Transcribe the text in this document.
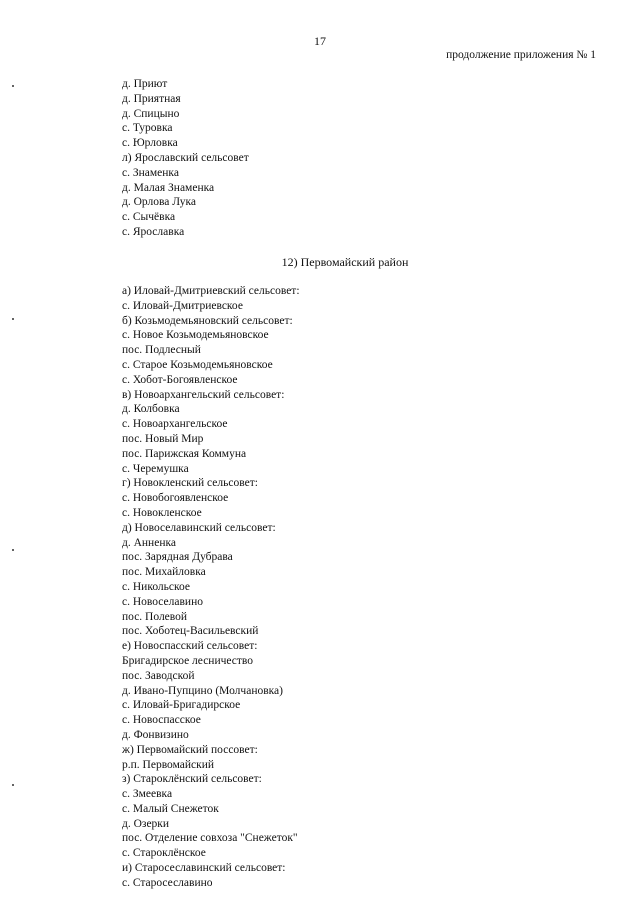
17
продолжение приложения № 1
д. Приют
д. Приятная
д. Спицыно
с. Туровка
с. Юрловка
л) Ярославский сельсовет
с. Знаменка
д. Малая Знаменка
д. Орлова Лука
с. Сычёвка
с. Ярославка
12) Первомайский район
а) Иловай-Дмитриевский сельсовет:
с. Иловай-Дмитриевское
б) Козьмодемьяновский сельсовет:
с. Новое Козьмодемьяновское
пос. Подлесный
с. Старое Козьмодемьяновское
с. Хобот-Богоявленское
в) Новоархангельский сельсовет:
д. Колбовка
с. Новоархангельское
пос. Новый Мир
пос. Парижская Коммуна
с. Черемушка
г) Новокленский сельсовет:
с. Новобогоявленское
с. Новокленское
д) Новоселавинский сельсовет:
д. Анненка
пос. Зарядная Дубрава
пос. Михайловка
с. Никольское
с. Новоселавино
пос. Полевой
пос. Хоботец-Васильевский
е) Новоспасский сельсовет:
Бригадирское лесничество
пос. Заводской
д. Ивано-Пупцино (Молчановка)
с. Иловай-Бригадирское
с. Новоспасское
д. Фонвизино
ж) Первомайский поссовет:
р.п. Первомайский
з) Староклёнский сельсовет:
с. Змеевка
с. Малый Снежеток
д. Озерки
пос. Отделение совхоза "Снежеток"
с. Староклёнское
и) Старосеславинский сельсовет:
с. Старосеславино
